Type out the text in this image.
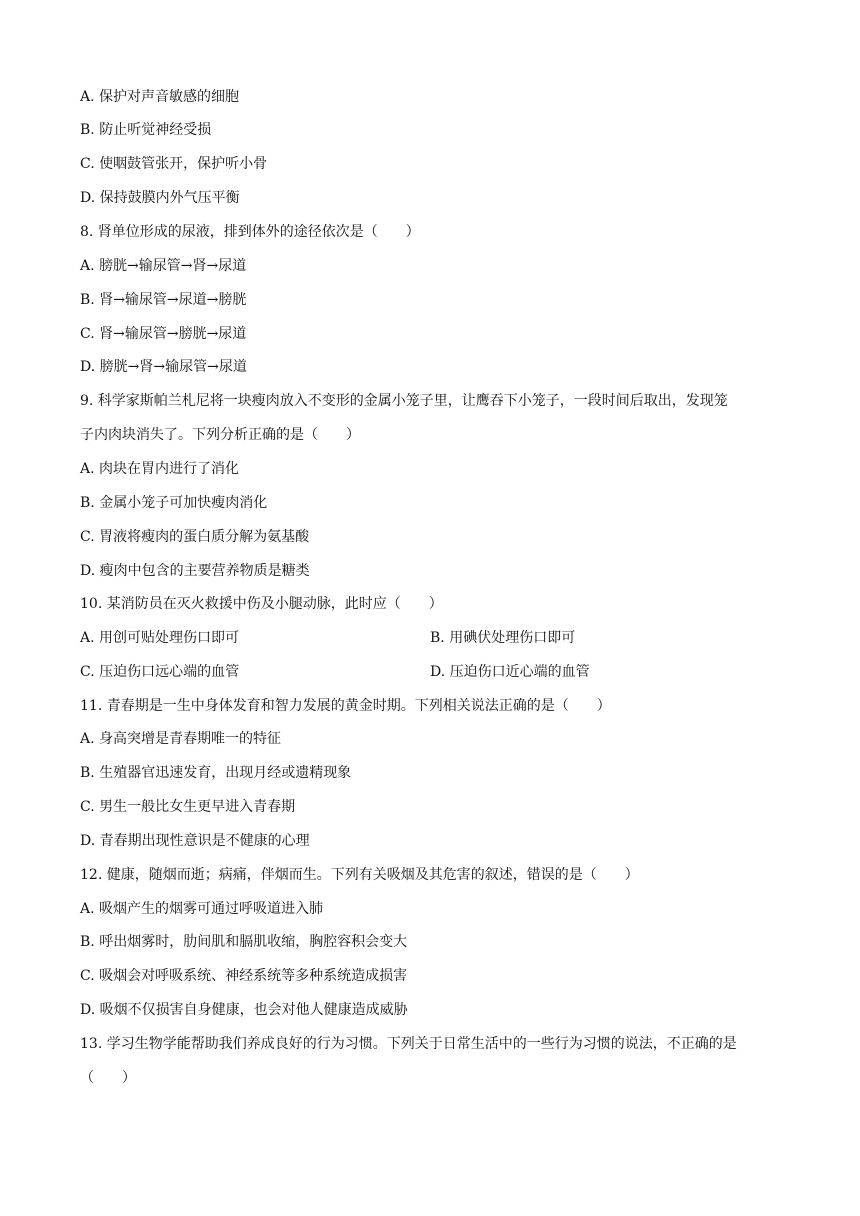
A. 保护对声音敏感的细胞
B. 防止听觉神经受损
C. 使咽鼓管张开，保护听小骨
D. 保持鼓膜内外气压平衡
8. 肾单位形成的尿液，排到体外的途径依次是（　　）
A. 膀胱→输尿管→肾→尿道
B. 肾→输尿管→尿道→膀胱
C. 肾→输尿管→膀胱→尿道
D. 膀胱→肾→输尿管→尿道
9. 科学家斯帕兰札尼将一块瘦肉放入不变形的金属小笼子里，让鹰吞下小笼子，一段时间后取出，发现笼
子内肉块消失了。下列分析正确的是（　　）
A. 肉块在胃内进行了消化
B. 金属小笼子可加快瘦肉消化
C. 胃液将瘦肉的蛋白质分解为氨基酸
D. 瘦肉中包含的主要营养物质是糖类
10. 某消防员在灭火救援中伤及小腿动脉，此时应（　　）
A. 用创可贴处理伤口即可	B. 用碘伏处理伤口即可
C. 压迫伤口远心端的血管	D. 压迫伤口近心端的血管
11. 青春期是一生中身体发育和智力发展的黄金时期。下列相关说法正确的是（　　）
A. 身高突增是青春期唯一的特征
B. 生殖器官迅速发育，出现月经或遗精现象
C. 男生一般比女生更早进入青春期
D. 青春期出现性意识是不健康的心理
12. 健康，随烟而逝；病痛，伴烟而生。下列有关吸烟及其危害的叙述，错误的是（　　）
A. 吸烟产生的烟雾可通过呼吸道进入肺
B. 呼出烟雾时，肋间肌和膈肌收缩，胸腔容积会变大
C. 吸烟会对呼吸系统、神经系统等多种系统造成损害
D. 吸烟不仅损害自身健康，也会对他人健康造成威胁
13. 学习生物学能帮助我们养成良好的行为习惯。下列关于日常生活中的一些行为习惯的说法，不正确的是
（　　）
